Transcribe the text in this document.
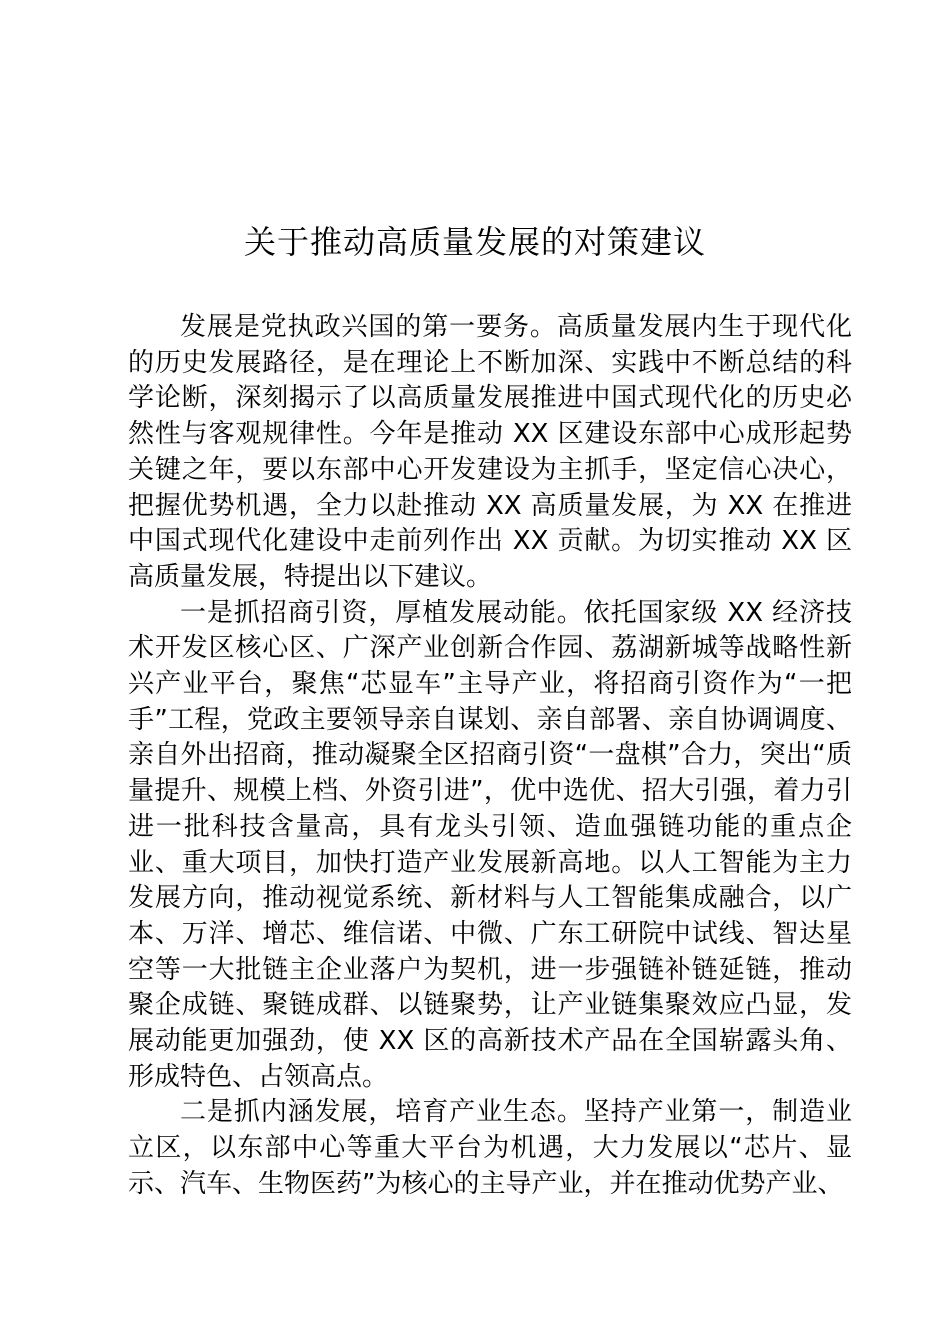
关于推动高质量发展的对策建议

发展是党执政兴国的第一要务。高质量发展内生于现代化的历史发展路径，是在理论上不断加深、实践中不断总结的科学论断，深刻揭示了以高质量发展推进中国式现代化的历史必然性与客观规律性。今年是推动 XX 区建设东部中心成形起势关键之年，要以东部中心开发建设为主抓手，坚定信心决心，把握优势机遇，全力以赴推动 XX 高质量发展，为 XX 在推进中国式现代化建设中走前列作出 XX 贡献。为切实推动 XX 区高质量发展，特提出以下建议。

一是抓招商引资，厚植发展动能。依托国家级 XX 经济技术开发区核心区、广深产业创新合作园、荔湖新城等战略性新兴产业平台，聚焦“芯显车”主导产业，将招商引资作为“一把手”工程，党政主要领导亲自谋划、亲自部署、亲自协调调度、亲自外出招商，推动凝聚全区招商引资“一盘棋”合力，突出“质量提升、规模上档、外资引进”，优中选优、招大引强，着力引进一批科技含量高，具有龙头引领、造血强链功能的重点企业、重大项目，加快打造产业发展新高地。以人工智能为主力发展方向，推动视觉系统、新材料与人工智能集成融合，以广本、万洋、增芯、维信诺、中微、广东工研院中试线、智达星空等一大批链主企业落户为契机，进一步强链补链延链，推动聚企成链、聚链成群、以链聚势，让产业链集聚效应凸显，发展动能更加强劲，使 XX 区的高新技术产品在全国崭露头角、形成特色、占领高点。

二是抓内涵发展，培育产业生态。坚持产业第一，制造业立区，以东部中心等重大平台为机遇，大力发展以“芯片、显示、汽车、生物医药”为核心的主导产业，并在推动优势产业、
